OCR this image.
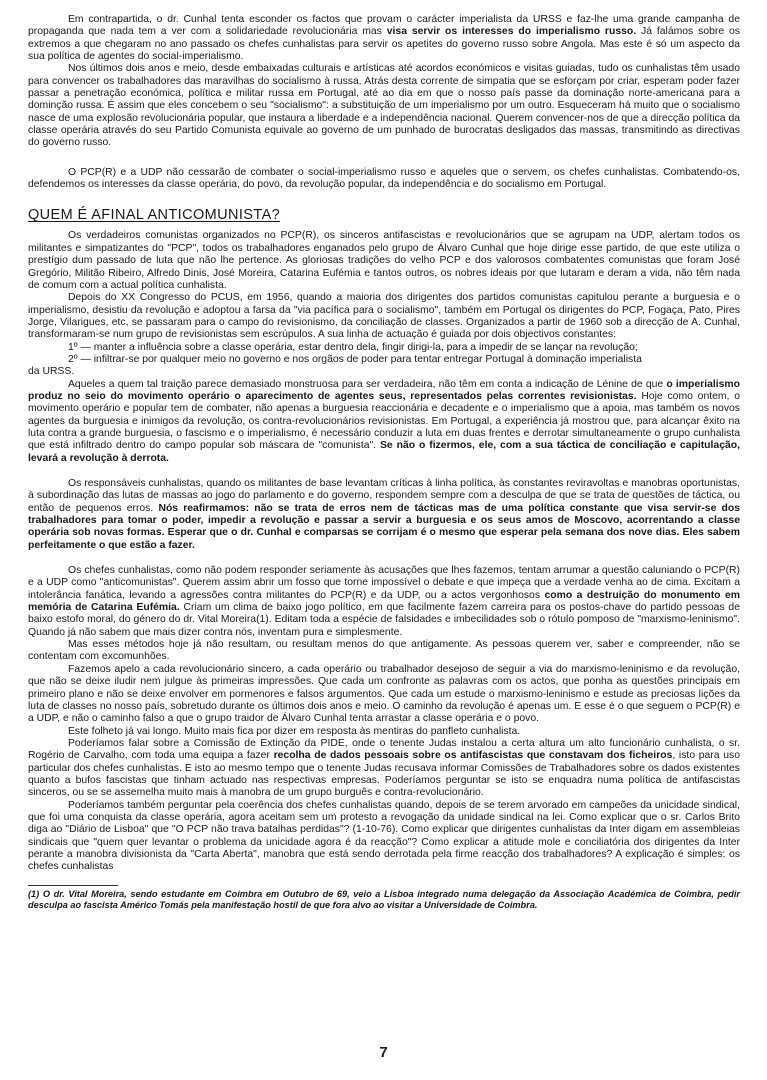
Em contrapartida, o dr. Cunhal tenta esconder os factos que provam o carácter imperialista da URSS e faz-lhe uma grande campanha de propaganda que nada tem a ver com a solidariedade revolucionária mas visa servir os interesses do imperialismo russo. Já falámos sobre os extremos a que chegaram no ano passado os chefes cunhalistas para servir os apetites do governo russo sobre Angola. Mas este é só um aspecto da sua política de agentes do social-imperialismo.

Nos últimos dois anos e meio, desde embaixadas culturais e artísticas até acordos económicos e visitas guiadas, tudo os cunhalistas têm usado para convencer os trabalhadores das maravilhas do socialismo à russa. Atrás desta corrente de simpatia que se esforçam por criar, esperam poder fazer passar a penetração económica, política e militar russa em Portugal, até ao dia em que o nosso país passe da dominação norte-americana para a dominção russa. É assim que eles concebem o seu "socialismo": a substituição de um imperialismo por um outro. Esqueceram há muito que o socialismo nasce de uma explosão revolucionária popular, que instaura a liberdade e a independência nacional. Querem convencer-nos de que a direcção política da classe operária através do seu Partido Comunista equivale ao governo de um punhado de burocratas desligados das massas, transmitindo as directivas do governo russo.

O PCP(R) e a UDP não cessarão de combater o social-imperialismo russo e aqueles que o servem, os chefes cunhalistas. Combatendo-os, defendemos os interesses da classe operária, do povo, da revolução popular, da independência e do socialismo em Portugal.

QUEM É AFINAL ANTICOMUNISTA?

Os verdadeiros comunistas organizados no PCP(R), os sinceros antifascistas e revolucionários que se agrupam na UDP, alertam todos os militantes e simpatizantes do "PCP", todos os trabalhadores enganados pelo grupo de Álvaro Cunhal que hoje dirige esse partido, de que este utiliza o prestígio dum passado de luta que não lhe pertence. As gloriosas tradições do velho PCP e dos valorosos combatentes comunistas que foram José Gregório, Militão Ribeiro, Alfredo Dinis, José Moreira, Catarina Eufémia e tantos outros, os nobres ideais por que lutaram e deram a vida, não têm nada de comum com a actual política cunhalista.

Depois do XX Congresso do PCUS, em 1956, quando a maioria dos dirigentes dos partidos comunistas capitulou perante a burguesia e o imperialismo, desistiu da revolução e adoptou a farsa da "via pacífica para o socialismo", também em Portugal os dirigentes do PCP, Fogaça, Pato, Pires Jorge, Vilarigues, etc, se passaram para o campo do revisionismo, da conciliação de classes. Organizados a partir de 1960 sob a direcção de A. Cunhal, transformaram-se num grupo de revisionistas sem escrúpulos. A sua linha de actuação é guiada por dois objectivos constantes:

1º — manter a influência sobre a classe operária, estar dentro dela, fingir dirigi-la, para a impedir de se lançar na revolução;

2º — infiltrar-se por qualquer meio no governo e nos orgãos de poder para tentar entregar Portugal à dominação imperialista

da URSS.

Aqueles a quem tal traição parece demasiado monstruosa para ser verdadeira, não têm em conta a indicação de Lénine de que o imperialismo produz no seio do movimento operário o aparecimento de agentes seus, representados pelas correntes revisionistas. Hoje como ontem, o movimento operário e popular tem de combater, não apenas a burguesia reaccionária e decadente e o imperialismo que a apoia, mas também os novos agentes da burguesia e inimigos da revolução, os contra-revolucionários revisionistas. Em Portugal, a experiência já mostrou que, para alcançar êxito na luta contra a grande burguesia, o fascismo e o imperialismo, é necessário conduzir a luta em duas frentes e derrotar simultaneamente o grupo cunhalista que está infiltrado dentro do campo popular sob máscara de "comunista". Se não o fizermos, ele, com a sua táctica de conciliação e capitulação, levará a revolução à derrota.

Os responsáveis cunhalistas, quando os militantes de base levantam críticas à linha política, às constantes reviravoltas e manobras oportunistas, à subordinação das lutas de massas ao jogo do parlamento e do governo, respondem sempre com a desculpa de que se trata de questões de táctica, ou então de pequenos erros. Nós reafirmamos: não se trata de erros nem de tácticas mas de uma política constante que visa servir-se dos trabalhadores para tomar o poder, impedir a revolução e passar a servir a burguesia e os seus amos de Moscovo, acorrentando a classe operária sob novas formas. Esperar que o dr. Cunhal e comparsas se corrijam é o mesmo que esperar pela semana dos nove dias. Eles sabem perfeitamente o que estão a fazer.

Os chefes cunhalistas, como não podem responder seriamente às acusações que lhes fazemos, tentam arrumar a questão caluniando o PCP(R) e a UDP como "anticomunistas". Querem assim abrir um fosso que torne impossível o debate e que impeça que a verdade venha ao de cima. Excitam a intolerância fanática, levando a agressões contra militantes do PCP(R) e da UDP, ou a actos vergonhosos como a destruição do monumento em memória de Catarina Eufémia. Criam um clima de baixo jogo político, em que facilmente fazem carreira para os postos-chave do partido pessoas de baixo estofo moral, do género do dr. Vital Moreira(1). Editam toda a espécie de falsidades e imbecilidades sob o rótulo pomposo de "marxismo-leninismo". Quando já não sabem que mais dizer contra nós, inventam pura e simplesmente.

Mas esses métodos hoje já não resultam, ou resultam menos do que antigamente. As pessoas querem ver, saber e compreender, não se contentam com excomunhões.

Fazemos apelo a cada revolucionário sincero, a cada operário ou trabalhador desejoso de seguir a via do marxismo-leninismo e da revolução, que não se deixe iludir nem julgue às primeiras impressões. Que cada um confronte as palavras com os actos, que ponha as questões principais em primeiro plano e não se deixe envolver em pormenores e falsos argumentos. Que cada um estude o marxismo-leninismo e estude as preciosas lições da luta de classes no nosso país, sobretudo durante os últimos dois anos e meio. O caminho da revolução é apenas um. E esse é o que seguem o PCP(R) e a UDP, e não o caminho falso a que o grupo traidor de Álvaro Cunhal tenta arrastar a classe operária e o povo.

Este folheto já vai longo. Muito mais fica por dizer em resposta às mentiras do panfleto cunhalista.

Poderíamos falar sobre a Comissão de Extinção da PIDE, onde o tenente Judas instalou a certa altura um alto funcionário cunhalista, o sr. Rogério de Carvalho, com toda uma equipa a fazer recolha de dados pessoais sobre os antifascistas que constavam dos ficheiros, isto para uso particular dos chefes cunhalistas. E isto ao mesmo tempo que o tenente Judas recusava informar Comissões de Trabalhadores sobre os dados existentes quanto a bufos fascistas que tinham actuado nas respectivas empresas. Poderíamos perguntar se isto se enquadra numa política de antifascistas sinceros, ou se se assemelha muito mais à manobra de um grupo burguês e contra-revolucionário.

Poderíamos também perguntar pela coerência dos chefes cunhalistas quando, depois de se terem arvorado em campeões da unicidade sindical, que foi uma conquista da classe operária, agora aceitam sem um protesto a revogação da unidade sindical na lei. Como explicar que o sr. Carlos Brito diga ao "Diário de Lisboa" que "O PCP não trava batalhas perdidas"? (1-10-76). Como explicar que dirigentes cunhalistas da Inter digam em assembleias sindicais que "quem quer levantar o problema da unicidade agora é da reacção"? Como explicar a atitude mole e conciliatória dos dirigentes da Inter perante a manobra divisionista da "Carta Aberta", manobra que está sendo derrotada pela firme reacção dos trabalhadores? A explicação é simples: os chefes cunhalistas

(1) O dr. Vital Moreira, sendo estudante em Coimbra em Outubro de 69, veio a Lisboa integrado numa delegação da Associação Académica de Coimbra, pedir desculpa ao fascista Américo Tomás pela manifestação hostil de que fora alvo ao visitar a Universidade de Coimbra.

7
